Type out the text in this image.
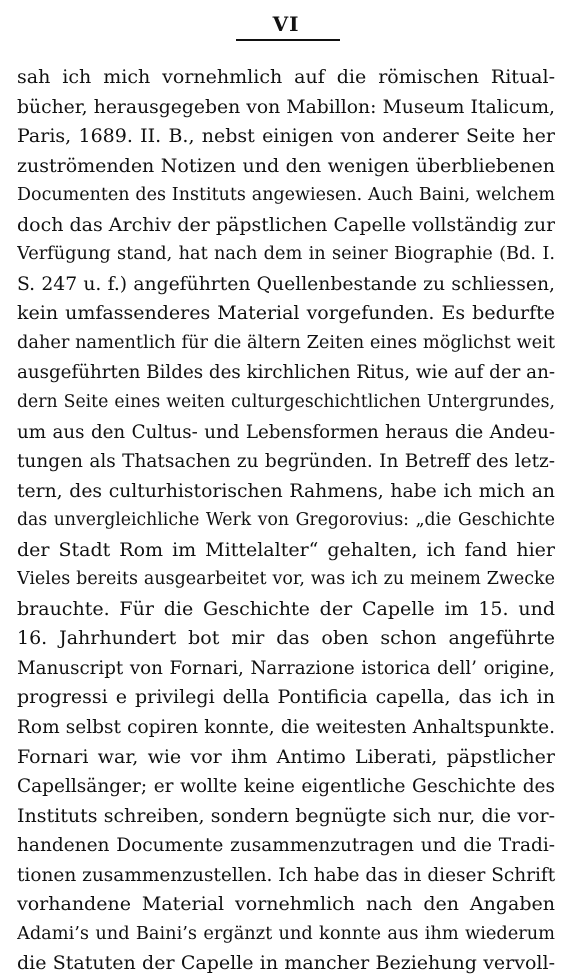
VI
sah ich mich vornehmlich auf die römischen Ritual-
bücher, herausgegeben von Mabillon: Museum Italicum,
Paris, 1689. II. B., nebst einigen von anderer Seite her
zuströmenden Notizen und den wenigen überbliebenen
Documenten des Instituts angewiesen. Auch Baini, welchem
doch das Archiv der päpstlichen Capelle vollständig zur
Verfügung stand, hat nach dem in seiner Biographie (Bd. I.
S. 247 u. f.) angeführten Quellenbestande zu schliessen,
kein umfassenderes Material vorgefunden. Es bedurfte
daher namentlich für die ältern Zeiten eines möglichst weit
ausgeführten Bildes des kirchlichen Ritus, wie auf der an-
dern Seite eines weiten culturgeschichtlichen Untergrundes,
um aus den Cultus- und Lebensformen heraus die Andeu-
tungen als Thatsachen zu begründen. In Betreff des letz-
tern, des culturhistorischen Rahmens, habe ich mich an
das unvergleichliche Werk von Gregorovius: „die Geschichte
der Stadt Rom im Mittelalter“ gehalten, ich fand hier
Vieles bereits ausgearbeitet vor, was ich zu meinem Zwecke
brauchte. Für die Geschichte der Capelle im 15. und
16. Jahrhundert bot mir das oben schon angeführte
Manuscript von Fornari, Narrazione istorica dell’ origine,
progressi e privilegi della Pontificia capella, das ich in
Rom selbst copiren konnte, die weitesten Anhaltspunkte.
Fornari war, wie vor ihm Antimo Liberati, päpstlicher
Capellsänger; er wollte keine eigentliche Geschichte des
Instituts schreiben, sondern begnügte sich nur, die vor-
handenen Documente zusammenzutragen und die Tradi-
tionen zusammenzustellen. Ich habe das in dieser Schrift
vorhandene Material vornehmlich nach den Angaben
Adami’s und Baini’s ergänzt und konnte aus ihm wiederum
die Statuten der Capelle in mancher Beziehung vervoll-
